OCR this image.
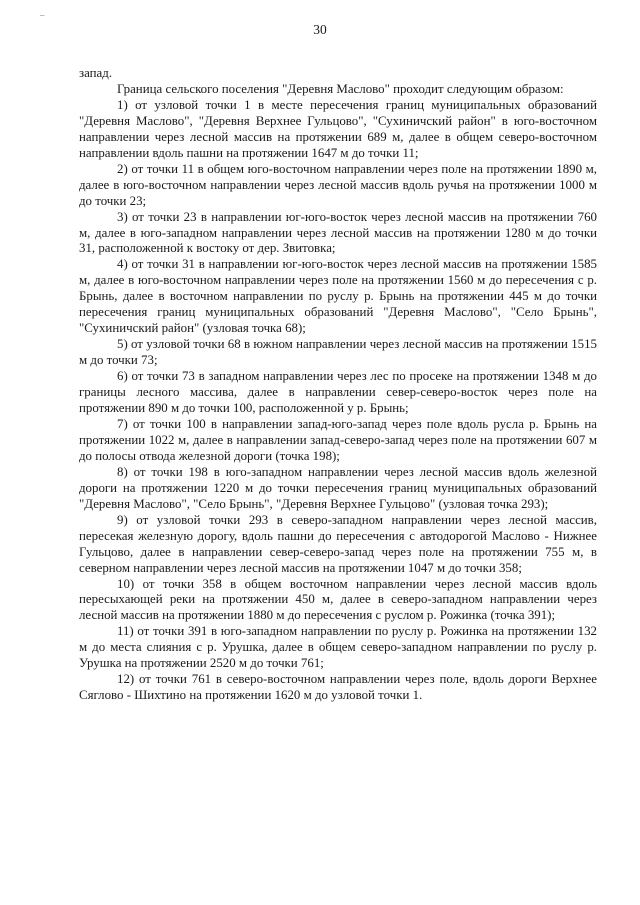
–
30

запад.

Граница сельского поселения "Деревня Маслово" проходит следующим образом:

1) от узловой точки 1 в месте пересечения границ муниципальных образований "Деревня Маслово", "Деревня Верхнее Гульцово", "Сухиничский район" в юго-восточном направлении через лесной массив на протяжении 689 м, далее в общем северо-восточном направлении вдоль пашни на протяжении 1647 м до точки 11;

2) от точки 11 в общем юго-восточном направлении через поле на протяжении 1890 м, далее в юго-восточном направлении через лесной массив вдоль ручья на протяжении 1000 м до точки 23;

3) от точки 23 в направлении юг-юго-восток через лесной массив на протяжении 760 м, далее в юго-западном направлении через лесной массив на протяжении 1280 м до точки 31, расположенной к востоку от дер. Звитовка;

4) от точки 31 в направлении юг-юго-восток через лесной массив на протяжении 1585 м, далее в юго-восточном направлении через поле на протяжении 1560 м до пересечения с р. Брынь, далее в восточном направлении по руслу р. Брынь на протяжении 445 м до точки пересечения границ муниципальных образований "Деревня Маслово", "Село Брынь", "Сухиничский район" (узловая точка 68);

5) от узловой точки 68 в южном направлении через лесной массив на протяжении 1515 м до точки 73;

6) от точки 73 в западном направлении через лес по просеке на протяжении 1348 м до границы лесного массива, далее в направлении север-северо-восток через поле на протяжении 890 м до точки 100, расположенной у р. Брынь;

7) от точки 100 в направлении запад-юго-запад через поле вдоль русла р. Брынь на протяжении 1022 м, далее в направлении запад-северо-запад через поле на протяжении 607 м до полосы отвода железной дороги (точка 198);

8) от точки 198 в юго-западном направлении через лесной массив вдоль железной дороги на протяжении 1220 м до точки пересечения границ муниципальных образований "Деревня Маслово", "Село Брынь", "Деревня Верхнее Гульцово" (узловая точка 293);

9) от узловой точки 293 в северо-западном направлении через лесной массив, пересекая железную дорогу, вдоль пашни до пересечения с автодорогой Маслово - Нижнее Гульцово, далее в направлении север-северо-запад через поле на протяжении 755 м, в северном направлении через лесной массив на протяжении 1047 м до точки 358;

10) от точки 358 в общем восточном направлении через лесной массив вдоль пересыхающей реки на протяжении 450 м, далее в северо-западном направлении через лесной массив на протяжении 1880 м до пересечения с руслом р. Рожинка (точка 391);

11) от точки 391 в юго-западном направлении по руслу р. Рожинка на протяжении 132 м до места слияния с р. Урушка, далее в общем северо-западном направлении по руслу р. Урушка на протяжении 2520 м до точки 761;

12) от точки 761 в северо-восточном направлении через поле, вдоль дороги Верхнее Сяглово - Шихтино на протяжении 1620 м до узловой точки 1.
